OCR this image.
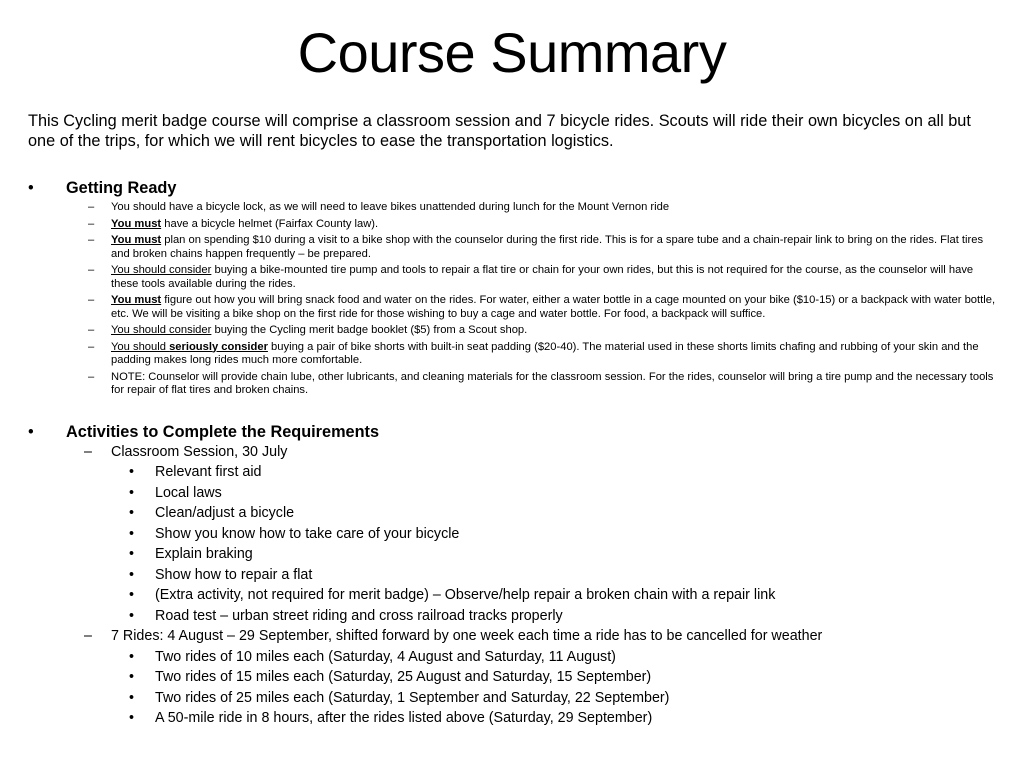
Course Summary
This Cycling merit badge course will comprise a classroom session and 7 bicycle rides. Scouts will ride their own bicycles on all but one of the trips, for which we will rent bicycles to ease the transportation logistics.
• Getting Ready
– You should have a bicycle lock, as we will need to leave bikes unattended during lunch for the Mount Vernon ride
– You must have a bicycle helmet (Fairfax County law).
– You must plan on spending $10 during a visit to a bike shop with the counselor during the first ride. This is for a spare tube and a chain-repair link to bring on the rides. Flat tires and broken chains happen frequently – be prepared.
– You should consider buying a bike-mounted tire pump and tools to repair a flat tire or chain for your own rides, but this is not required for the course, as the counselor will have these tools available during the rides.
– You must figure out how you will bring snack food and water on the rides. For water, either a water bottle in a cage mounted on your bike ($10-15) or a backpack with water bottle, etc. We will be visiting a bike shop on the first ride for those wishing to buy a cage and water bottle. For food, a backpack will suffice.
– You should consider buying the Cycling merit badge booklet ($5) from a Scout shop.
– You should seriously consider buying a pair of bike shorts with built-in seat padding ($20-40). The material used in these shorts limits chafing and rubbing of your skin and the padding makes long rides much more comfortable.
– NOTE: Counselor will provide chain lube, other lubricants, and cleaning materials for the classroom session. For the rides, counselor will bring a tire pump and the necessary tools for repair of flat tires and broken chains.
• Activities to Complete the Requirements
– Classroom Session, 30 July
• Relevant first aid
• Local laws
• Clean/adjust a bicycle
• Show you know how to take care of your bicycle
• Explain braking
• Show how to repair a flat
• (Extra activity, not required for merit badge) – Observe/help repair a broken chain with a repair link
• Road test – urban street riding and cross railroad tracks properly
– 7 Rides: 4 August – 29 September, shifted forward by one week each time a ride has to be cancelled for weather
• Two rides of 10 miles each (Saturday, 4 August and Saturday, 11 August)
• Two rides of 15 miles each (Saturday, 25 August and Saturday, 15 September)
• Two rides of 25 miles each (Saturday, 1 September and Saturday, 22 September)
• A 50-mile ride in 8 hours, after the rides listed above (Saturday, 29 September)
